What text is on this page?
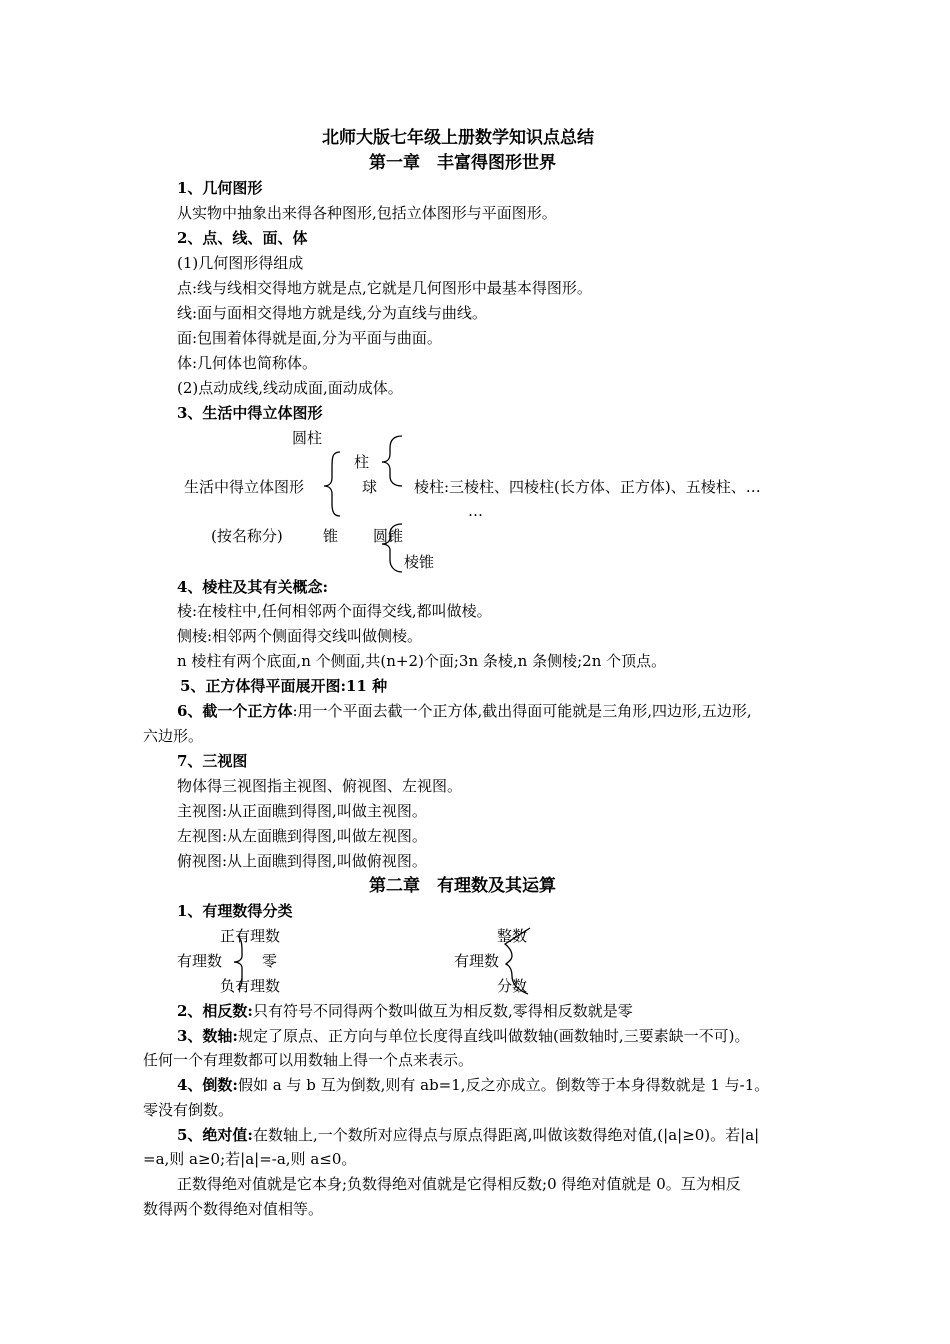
北师大版七年级上册数学知识点总结
第一章　丰富得图形世界
1、几何图形
从实物中抽象出来得各种图形,包括立体图形与平面图形。
2、点、线、面、体
(1)几何图形得组成
点:线与线相交得地方就是点,它就是几何图形中最基本得图形。
线:面与面相交得地方就是线,分为直线与曲线。
面:包围着体得就是面,分为平面与曲面。
体:几何体也简称体。
(2)点动成线,线动成面,面动成体。
3、生活中得立体图形
圆柱
柱
生活中得立体图形	球 棱柱:三棱柱、四棱柱(长方体、正方体)、五棱柱、…
…
(按名称分)	锥 圆锥
棱锥
4、棱柱及其有关概念:
棱:在棱柱中,任何相邻两个面得交线,都叫做棱。
侧棱:相邻两个侧面得交线叫做侧棱。
n 棱柱有两个底面,n 个侧面,共(n+2)个面;3n 条棱,n 条侧棱;2n 个顶点。
5、正方体得平面展开图:11 种
6、截一个正方体:用一个平面去截一个正方体,截出得面可能就是三角形,四边形,五边形,
六边形。
7、三视图
物体得三视图指主视图、俯视图、左视图。
主视图:从正面瞧到得图,叫做主视图。
左视图:从左面瞧到得图,叫做左视图。
俯视图:从上面瞧到得图,叫做俯视图。
第二章　有理数及其运算
1、有理数得分类
正有理数
有理数	零
负有理数
整数
有理数
分数
2、相反数:只有符号不同得两个数叫做互为相反数,零得相反数就是零
3、数轴:规定了原点、正方向与单位长度得直线叫做数轴(画数轴时,三要素缺一不可)。
任何一个有理数都可以用数轴上得一个点来表示。
4、倒数:假如 a 与 b 互为倒数,则有 ab=1,反之亦成立。倒数等于本身得数就是 1 与-1。
零没有倒数。
5、绝对值:在数轴上,一个数所对应得点与原点得距离,叫做该数得绝对值,(|a|≥0)。若|a|
=a,则 a≥0;若|a|=-a,则 a≤0。
正数得绝对值就是它本身;负数得绝对值就是它得相反数;0 得绝对值就是 0。互为相反
数得两个数得绝对值相等。
